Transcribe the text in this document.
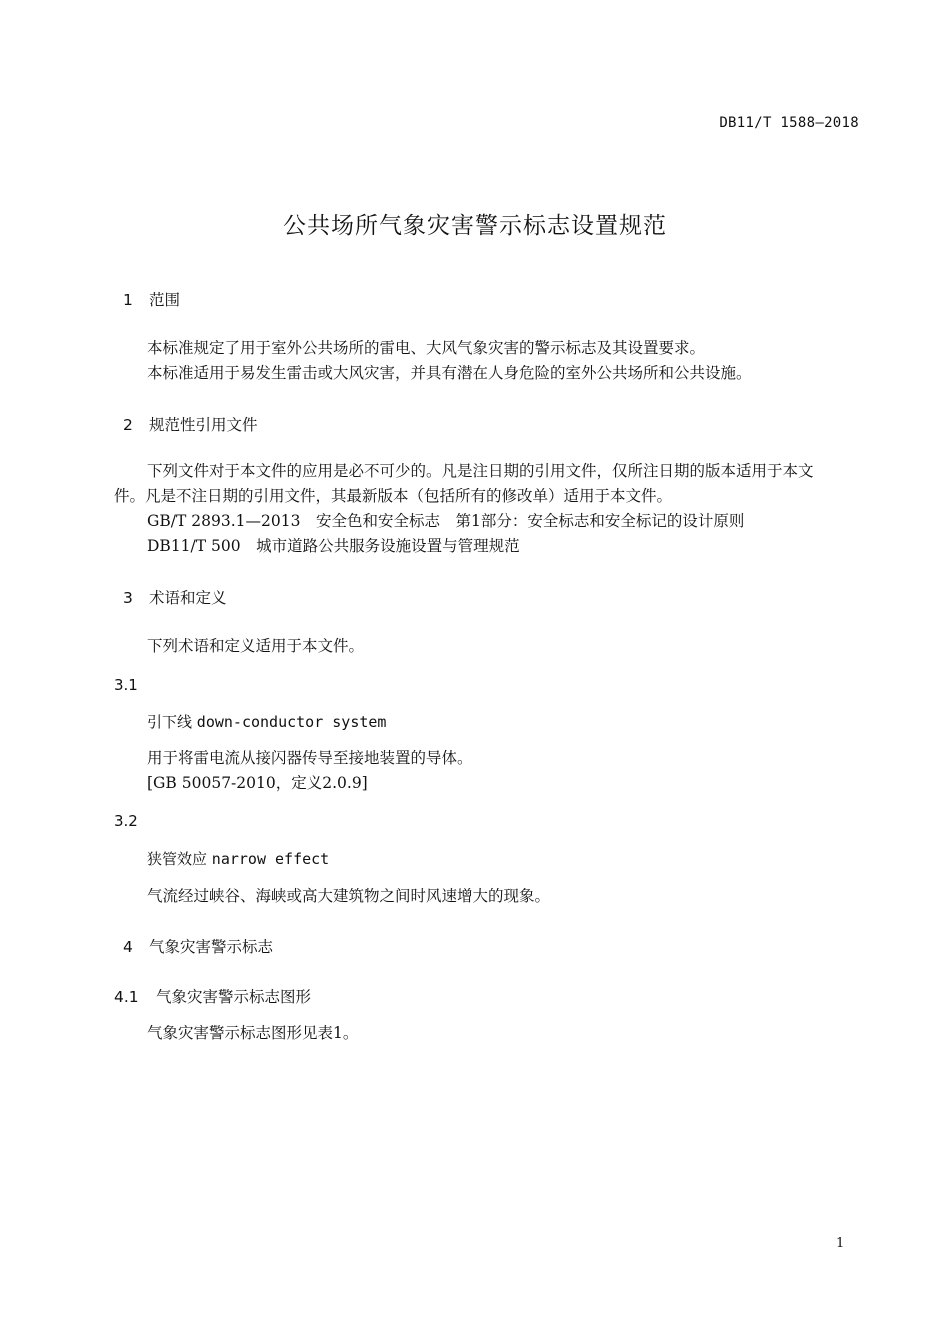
DB11/T 1588—2018
公共场所气象灾害警示标志设置规范
1 范围
本标准规定了用于室外公共场所的雷电、大风气象灾害的警示标志及其设置要求。
本标准适用于易发生雷击或大风灾害，并具有潜在人身危险的室外公共场所和公共设施。
2 规范性引用文件
下列文件对于本文件的应用是必不可少的。凡是注日期的引用文件，仅所注日期的版本适用于本文
件。凡是不注日期的引用文件，其最新版本（包括所有的修改单）适用于本文件。
GB/T 2893.1—2013　 安全色和安全标志　第1部分：安全标志和安全标记的设计原则
DB11/T 500　 城市道路公共服务设施设置与管理规范
3 术语和定义
下列术语和定义适用于本文件。
3.1
引下线 down-conductor system
用于将雷电流从接闪器传导至接地装置的导体。
[GB 50057-2010，定义2.0.9]
3.2
狭管效应 narrow effect
气流经过峡谷、海峡或高大建筑物之间时风速增大的现象。
4 气象灾害警示标志
4.1 气象灾害警示标志图形
气象灾害警示标志图形见表1。
1
